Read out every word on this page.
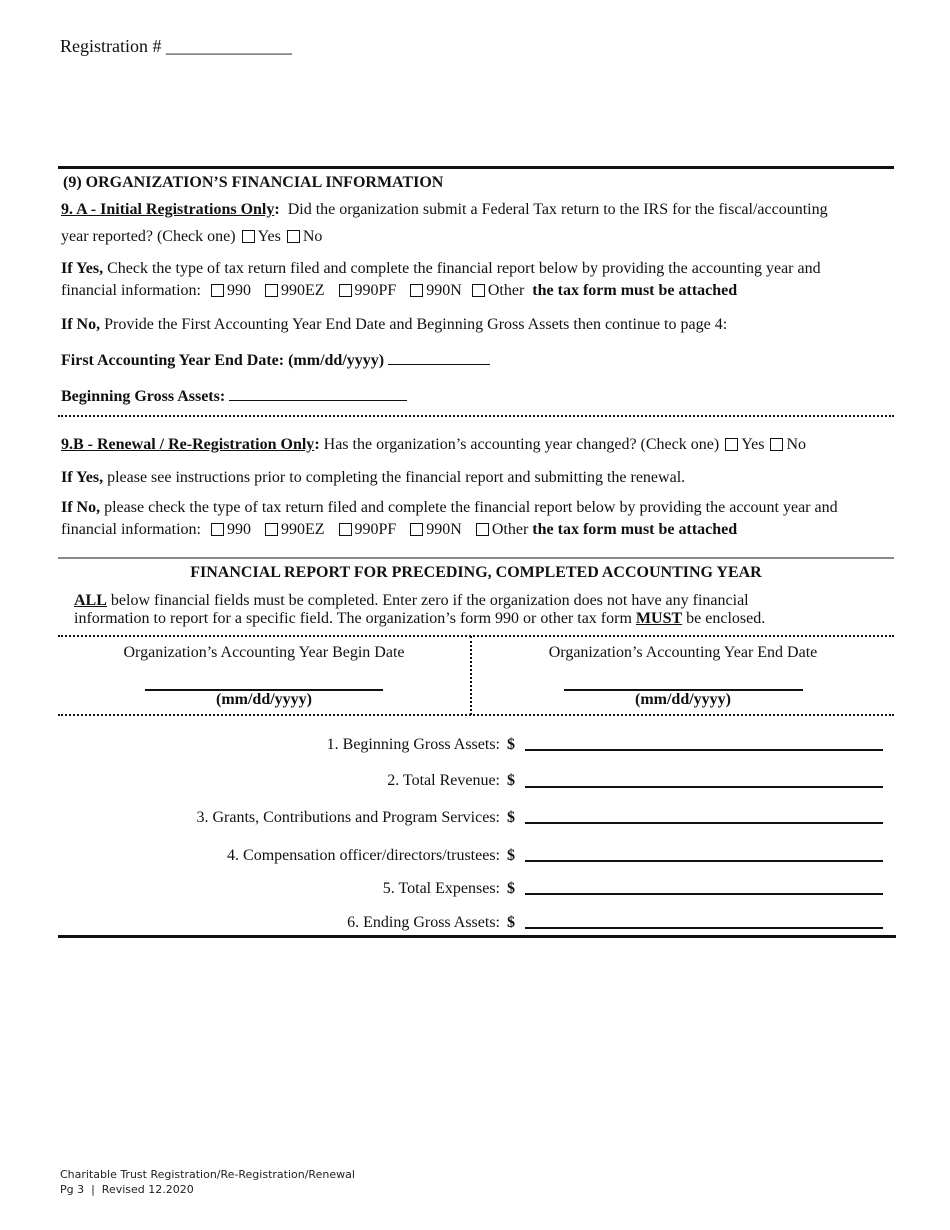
Registration # ______________
(9) ORGANIZATION’S FINANCIAL INFORMATION
9. A - Initial Registrations Only: Did the organization submit a Federal Tax return to the IRS for the fiscal/accounting
year reported? (Check one) Yes No
If Yes, Check the type of tax return filed and complete the financial report below by providing the accounting year and
financial information: 990 990EZ 990PF 990N Other the tax form must be attached
If No, Provide the First Accounting Year End Date and Beginning Gross Assets then continue to page 4:
First Accounting Year End Date: (mm/dd/yyyy)
Beginning Gross Assets:
9.B - Renewal / Re-Registration Only: Has the organization’s accounting year changed? (Check one) Yes No
If Yes, please see instructions prior to completing the financial report and submitting the renewal.
If No, please check the type of tax return filed and complete the financial report below by providing the account year and
financial information: 990 990EZ 990PF 990N Other the tax form must be attached
FINANCIAL REPORT FOR PRECEDING, COMPLETED ACCOUNTING YEAR
ALL below financial fields must be completed. Enter zero if the organization does not have any financial
information to report for a specific field. The organization’s form 990 or other tax form MUST be enclosed.
Organization’s Accounting Year Begin Date
(mm/dd/yyyy)
Organization’s Accounting Year End Date
(mm/dd/yyyy)
1. Beginning Gross Assets: $
2. Total Revenue: $
3. Grants, Contributions and Program Services: $
4. Compensation officer/directors/trustees: $
5. Total Expenses: $
6. Ending Gross Assets: $
Charitable Trust Registration/Re-Registration/Renewal
Pg 3  |  Revised 12.2020
